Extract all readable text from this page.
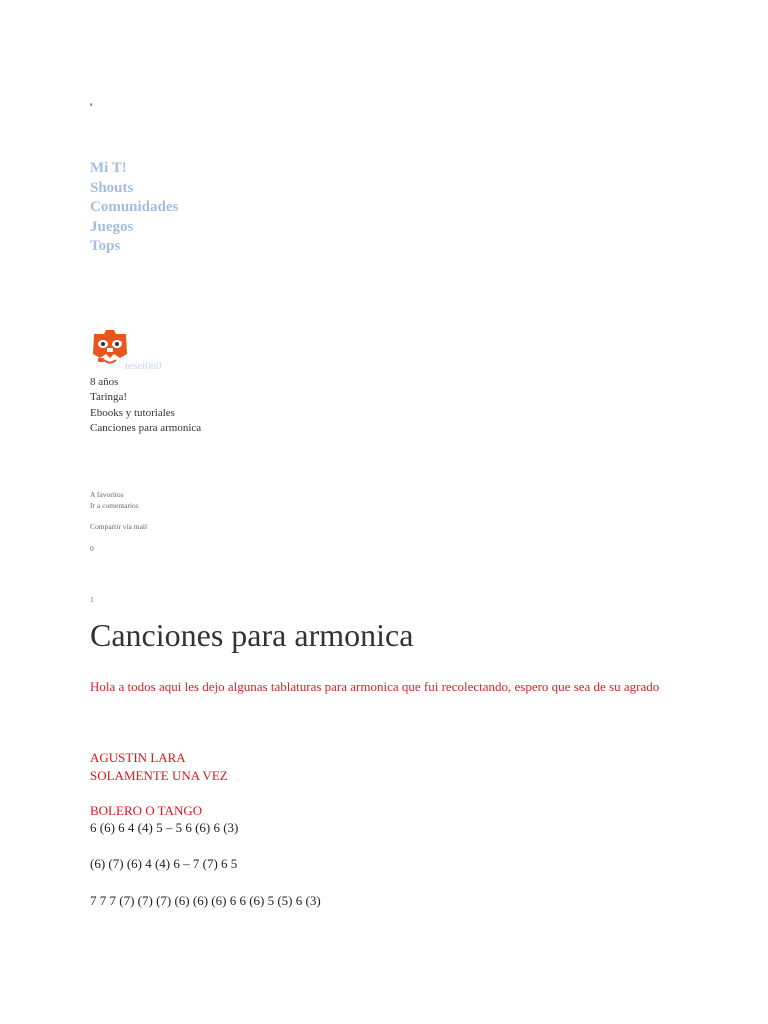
'
Mi T!
Shouts
Comunidades
Juegos
Tops
tesei0n0
8 años
Taringa!
Ebooks y tutoriales
Canciones para armonica
A favoritos
Ir a comentarios
Compartir vía mail
0
1
Canciones para armonica

Hola a todos aqui les dejo algunas tablaturas para armonica que fui recolectando, espero que sea de su agrado

AGUSTIN LARA
SOLAMENTE UNA VEZ
BOLERO O TANGO
6 (6) 6 4 (4) 5 – 5 6 (6) 6 (3)
(6) (7) (6) 4 (4) 6 – 7 (7) 6 5
7 7 7 (7) (7) (7) (6) (6) (6) 6 6 (6) 5 (5) 6 (3)
